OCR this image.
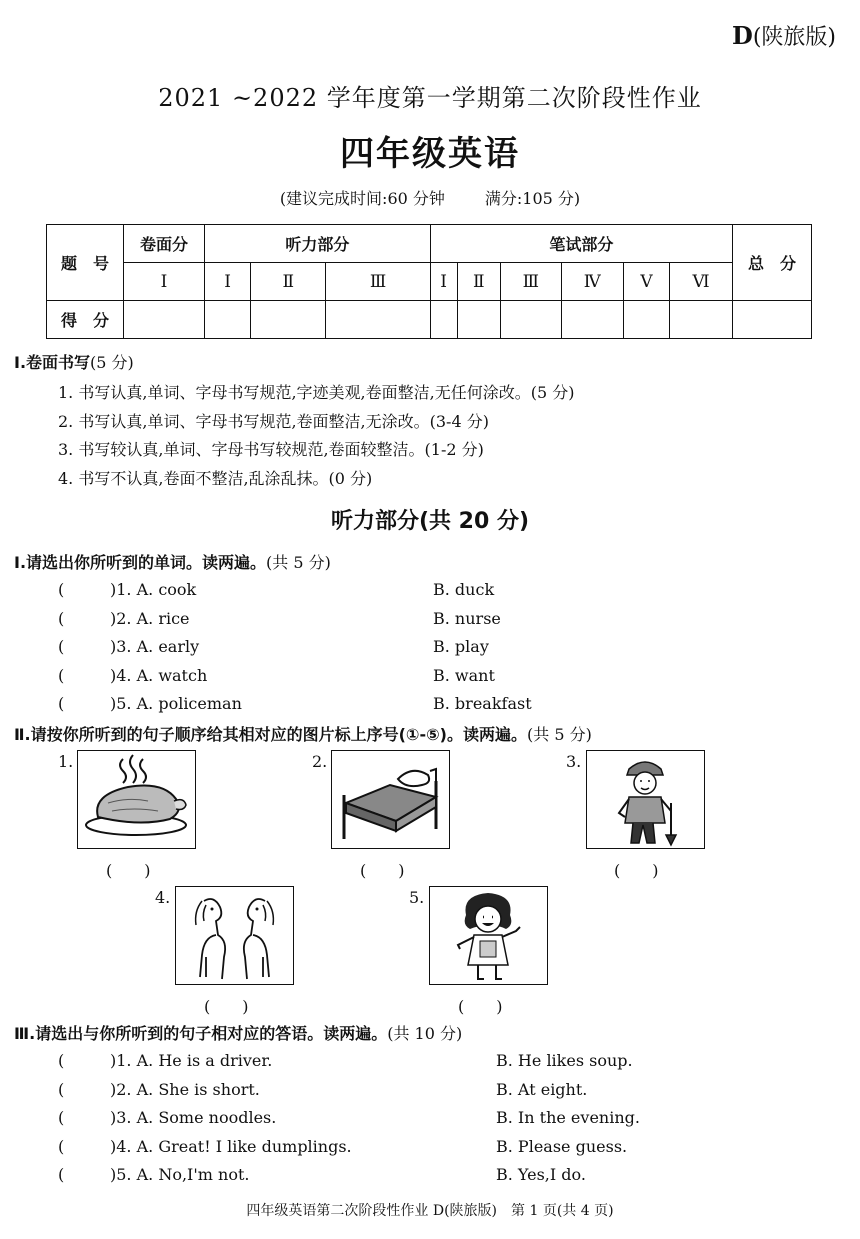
D(陕旅版)
2021 ~2022 学年度第一学期第二次阶段性作业
四年级英语
(建议完成时间:60 分钟	满分:105 分)
题　号	卷面分	听力部分			笔试部分						总　分
	Ⅰ	Ⅰ	Ⅱ	Ⅲ	Ⅰ	Ⅱ	Ⅲ	Ⅳ	Ⅴ	Ⅵ	
得　分											
Ⅰ.卷面书写(5 分)
1. 书写认真,单词、字母书写规范,字迹美观,卷面整洁,无任何涂改。(5 分)
2. 书写认真,单词、字母书写规范,卷面整洁,无涂改。(3-4 分)
3. 书写较认真,单词、字母书写较规范,卷面较整洁。(1-2 分)
4. 书写不认真,卷面不整洁,乱涂乱抹。(0 分)
听力部分(共 20 分)
Ⅰ.请选出你所听到的单词。读两遍。(共 5 分)
(	)1. A. cook	B. duck
(	)2. A. rice	B. nurse
(	)3. A. early	B. play
(	)4. A. watch	B. want
(	)5. A. policeman	B. breakfast
Ⅱ.请按你所听到的句子顺序给其相对应的图片标上序号(①-⑤)。读两遍。(共 5 分)
1.
(　　)
2.
(　　)
3.
(　　)
4.
(　　)
5.
(　　)
Ⅲ.请选出与你所听到的句子相对应的答语。读两遍。(共 10 分)
(	)1. A. He is a driver.	B. He likes soup.
(	)2. A. She is short.	B. At eight.
(	)3. A. Some noodles.	B. In the evening.
(	)4. A. Great! I like dumplings.	B. Please guess.
(	)5. A. No,I'm not.	B. Yes,I do.
四年级英语第二次阶段性作业 D(陕旅版)　第 1 页(共 4 页)
